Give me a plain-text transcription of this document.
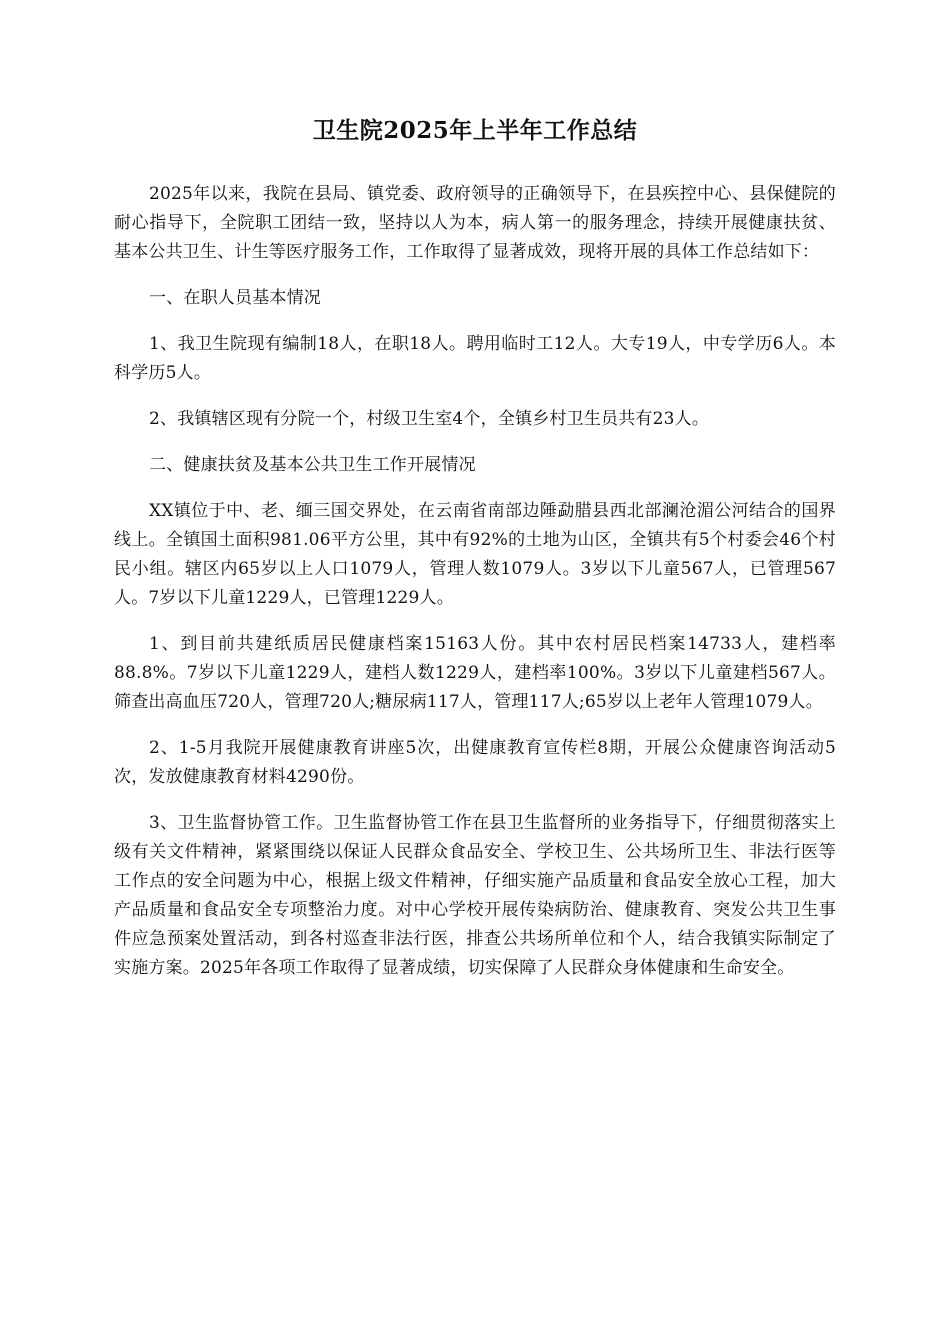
卫生院2025年上半年工作总结

2025年以来，我院在县局、镇党委、政府领导的正确领导下，在县疾控中心、县保健院的耐心指导下，全院职工团结一致，坚持以人为本，病人第一的服务理念，持续开展健康扶贫、基本公共卫生、计生等医疗服务工作，工作取得了显著成效，现将开展的具体工作总结如下：

一、在职人员基本情况

1、我卫生院现有编制18人，在职18人。聘用临时工12人。大专19人，中专学历6人。本科学历5人。

2、我镇辖区现有分院一个，村级卫生室4个，全镇乡村卫生员共有23人。

二、健康扶贫及基本公共卫生工作开展情况

XX镇位于中、老、缅三国交界处，在云南省南部边陲勐腊县西北部澜沧湄公河结合的国界线上。全镇国土面积981.06平方公里，其中有92%的土地为山区，全镇共有5个村委会46个村民小组。辖区内65岁以上人口1079人，管理人数1079人。3岁以下儿童567人，已管理567人。7岁以下儿童1229人，已管理1229人。

1、到目前共建纸质居民健康档案15163人份。其中农村居民档案14733人，建档率88.8%。7岁以下儿童1229人，建档人数1229人，建档率100%。3岁以下儿童建档567人。筛查出高血压720人，管理720人;糖尿病117人，管理117人;65岁以上老年人管理1079人。

2、1-5月我院开展健康教育讲座5次，出健康教育宣传栏8期，开展公众健康咨询活动5次，发放健康教育材料4290份。

3、卫生监督协管工作。卫生监督协管工作在县卫生监督所的业务指导下，仔细贯彻落实上级有关文件精神，紧紧围绕以保证人民群众食品安全、学校卫生、公共场所卫生、非法行医等工作点的安全问题为中心，根据上级文件精神，仔细实施产品质量和食品安全放心工程，加大产品质量和食品安全专项整治力度。对中心学校开展传染病防治、健康教育、突发公共卫生事件应急预案处置活动，到各村巡查非法行医，排查公共场所单位和个人，结合我镇实际制定了实施方案。2025年各项工作取得了显著成绩，切实保障了人民群众身体健康和生命安全。
